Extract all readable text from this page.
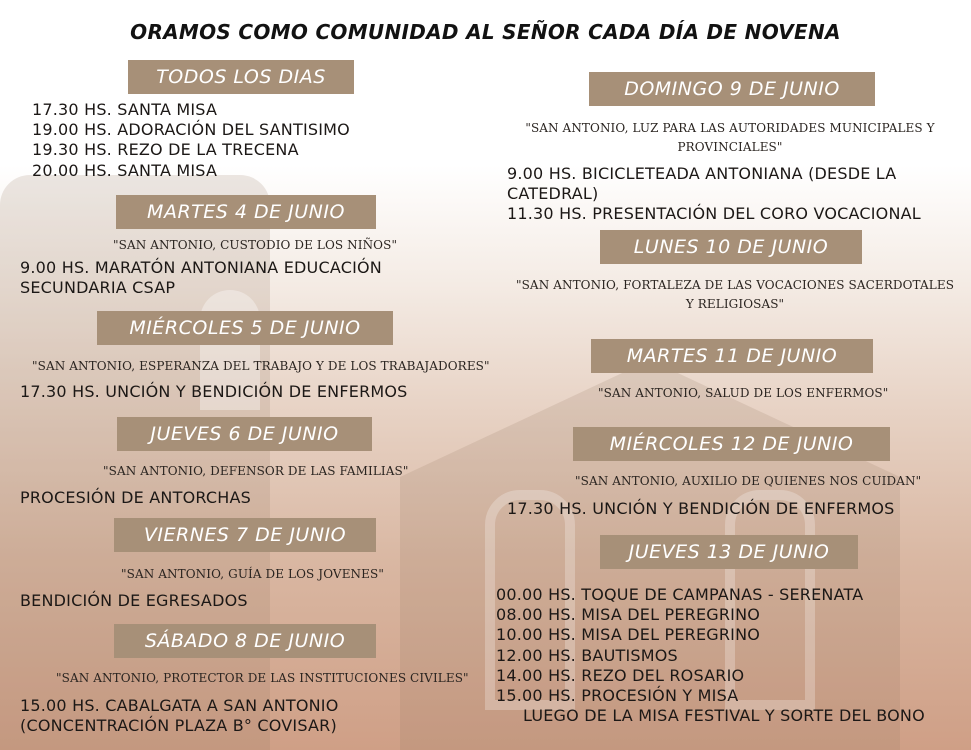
ORAMOS COMO COMUNIDAD AL SEÑOR CADA DÍA DE NOVENA
TODOS LOS DIAS
17.30 HS. SANTA MISA
19.00 HS. ADORACIÓN DEL SANTISIMO
19.30 HS. REZO DE LA TRECENA
20.00 HS. SANTA MISA
MARTES 4 DE JUNIO
"SAN ANTONIO, CUSTODIO DE LOS NIÑOS"
9.00 HS. MARATÓN ANTONIANA EDUCACIÓN
SECUNDARIA CSAP
MIÉRCOLES 5 DE JUNIO
"SAN ANTONIO, ESPERANZA DEL TRABAJO Y DE LOS TRABAJADORES"
17.30 HS. UNCIÓN Y BENDICIÓN DE ENFERMOS
JUEVES 6 DE JUNIO
"SAN ANTONIO, DEFENSOR DE LAS FAMILIAS"
PROCESIÓN DE ANTORCHAS
VIERNES 7 DE JUNIO
"SAN ANTONIO, GUÍA DE LOS JOVENES"
BENDICIÓN DE EGRESADOS
SÁBADO 8 DE JUNIO
"SAN ANTONIO, PROTECTOR DE LAS INSTITUCIONES CIVILES"
15.00 HS. CABALGATA A SAN ANTONIO
(CONCENTRACIÓN PLAZA B° COVISAR)
DOMINGO 9 DE JUNIO
"SAN ANTONIO, LUZ PARA LAS AUTORIDADES MUNICIPALES Y PROVINCIALES"
9.00 HS. BICICLETEADA ANTONIANA (DESDE LA
CATEDRAL)
11.30 HS. PRESENTACIÓN DEL CORO VOCACIONAL
LUNES 10 DE JUNIO
"SAN ANTONIO, FORTALEZA DE LAS VOCACIONES SACERDOTALES Y RELIGIOSAS"
MARTES 11 DE JUNIO
"SAN ANTONIO, SALUD DE LOS ENFERMOS"
MIÉRCOLES 12 DE JUNIO
"SAN ANTONIO, AUXILIO DE QUIENES NOS CUIDAN"
17.30 HS. UNCIÓN Y BENDICIÓN DE ENFERMOS
JUEVES 13 DE JUNIO
00.00 HS. TOQUE DE CAMPANAS - SERENATA
08.00 HS. MISA DEL PEREGRINO
10.00 HS. MISA DEL PEREGRINO
12.00 HS. BAUTISMOS
14.00 HS. REZO DEL ROSARIO
15.00 HS. PROCESIÓN Y MISA
LUEGO DE LA MISA FESTIVAL Y SORTE DEL BONO
